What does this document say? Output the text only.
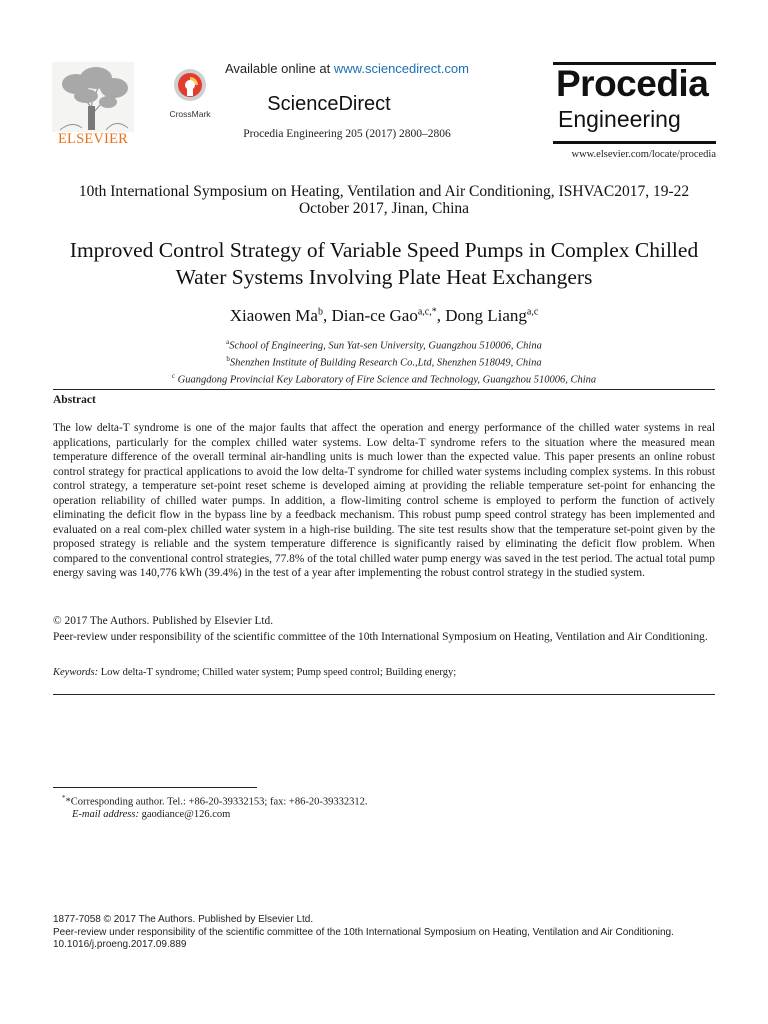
ELSEVIER
CrossMark
Available online at www.sciencedirect.com
ScienceDirect
Procedia Engineering 205 (2017) 2800–2806
Procedia
Engineering
www.elsevier.com/locate/procedia
10th International Symposium on Heating, Ventilation and Air Conditioning, ISHVAC2017, 19-22 October 2017, Jinan, China
Improved Control Strategy of Variable Speed Pumps in Complex Chilled Water Systems Involving Plate Heat Exchangers
Xiaowen Ma$^b$, Dian-ce Gao$^{a,c,*}$, Dong Liang$^{a,c}$
$^a$School of Engineering, Sun Yat-sen University, Guangzhou 510006, China
$^b$Shenzhen Institute of Building Research Co.,Ltd, Shenzhen 518049, China
$^c$ Guangdong Provincial Key Laboratory of Fire Science and Technology, Guangzhou 510006, China
Abstract
The low delta-T syndrome is one of the major faults that affect the operation and energy performance of the chilled water systems in real applications, particularly for the complex chilled water systems. Low delta-T syndrome refers to the situation where the measured mean temperature difference of the overall terminal air-handling units is much lower than the expected value. This paper presents an online robust control strategy for practical applications to avoid the low delta-T syndrome for chilled water systems including complex systems. In this robust control strategy, a temperature set-point reset scheme is developed aiming at providing the reliable temperature set-point for enhancing the operation reliability of chilled water pumps. In addition, a flow-limiting control scheme is employed to perform the function of actively eliminating the deficit flow in the bypass line by a feedback mechanism. This robust pump speed control strategy has been implemented and evaluated on a real com-plex chilled water system in a high-rise building. The site test results show that the temperature set-point given by the proposed strategy is reliable and the system temperature difference is significantly raised by eliminating the deficit flow problem. When compared to the conventional control strategies, 77.8% of the total chilled water pump energy was saved in the test period. The actual total pump energy saving was 140,776 kWh (39.4%) in the test of a year after implementing the robust control strategy in the studied system.
© 2017 The Authors. Published by Elsevier Ltd.
Peer-review under responsibility of the scientific committee of the 10th International Symposium on Heating, Ventilation and Air Conditioning.
Keywords: Low delta-T syndrome; Chilled water system; Pump speed control; Building energy;
**Corresponding author. Tel.: +86-20-39332153; fax: +86-20-39332312.
E-mail address: gaodiance@126.com
1877-7058 © 2017 The Authors. Published by Elsevier Ltd.
Peer-review under responsibility of the scientific committee of the 10th International Symposium on Heating, Ventilation and Air Conditioning.
10.1016/j.proeng.2017.09.889
